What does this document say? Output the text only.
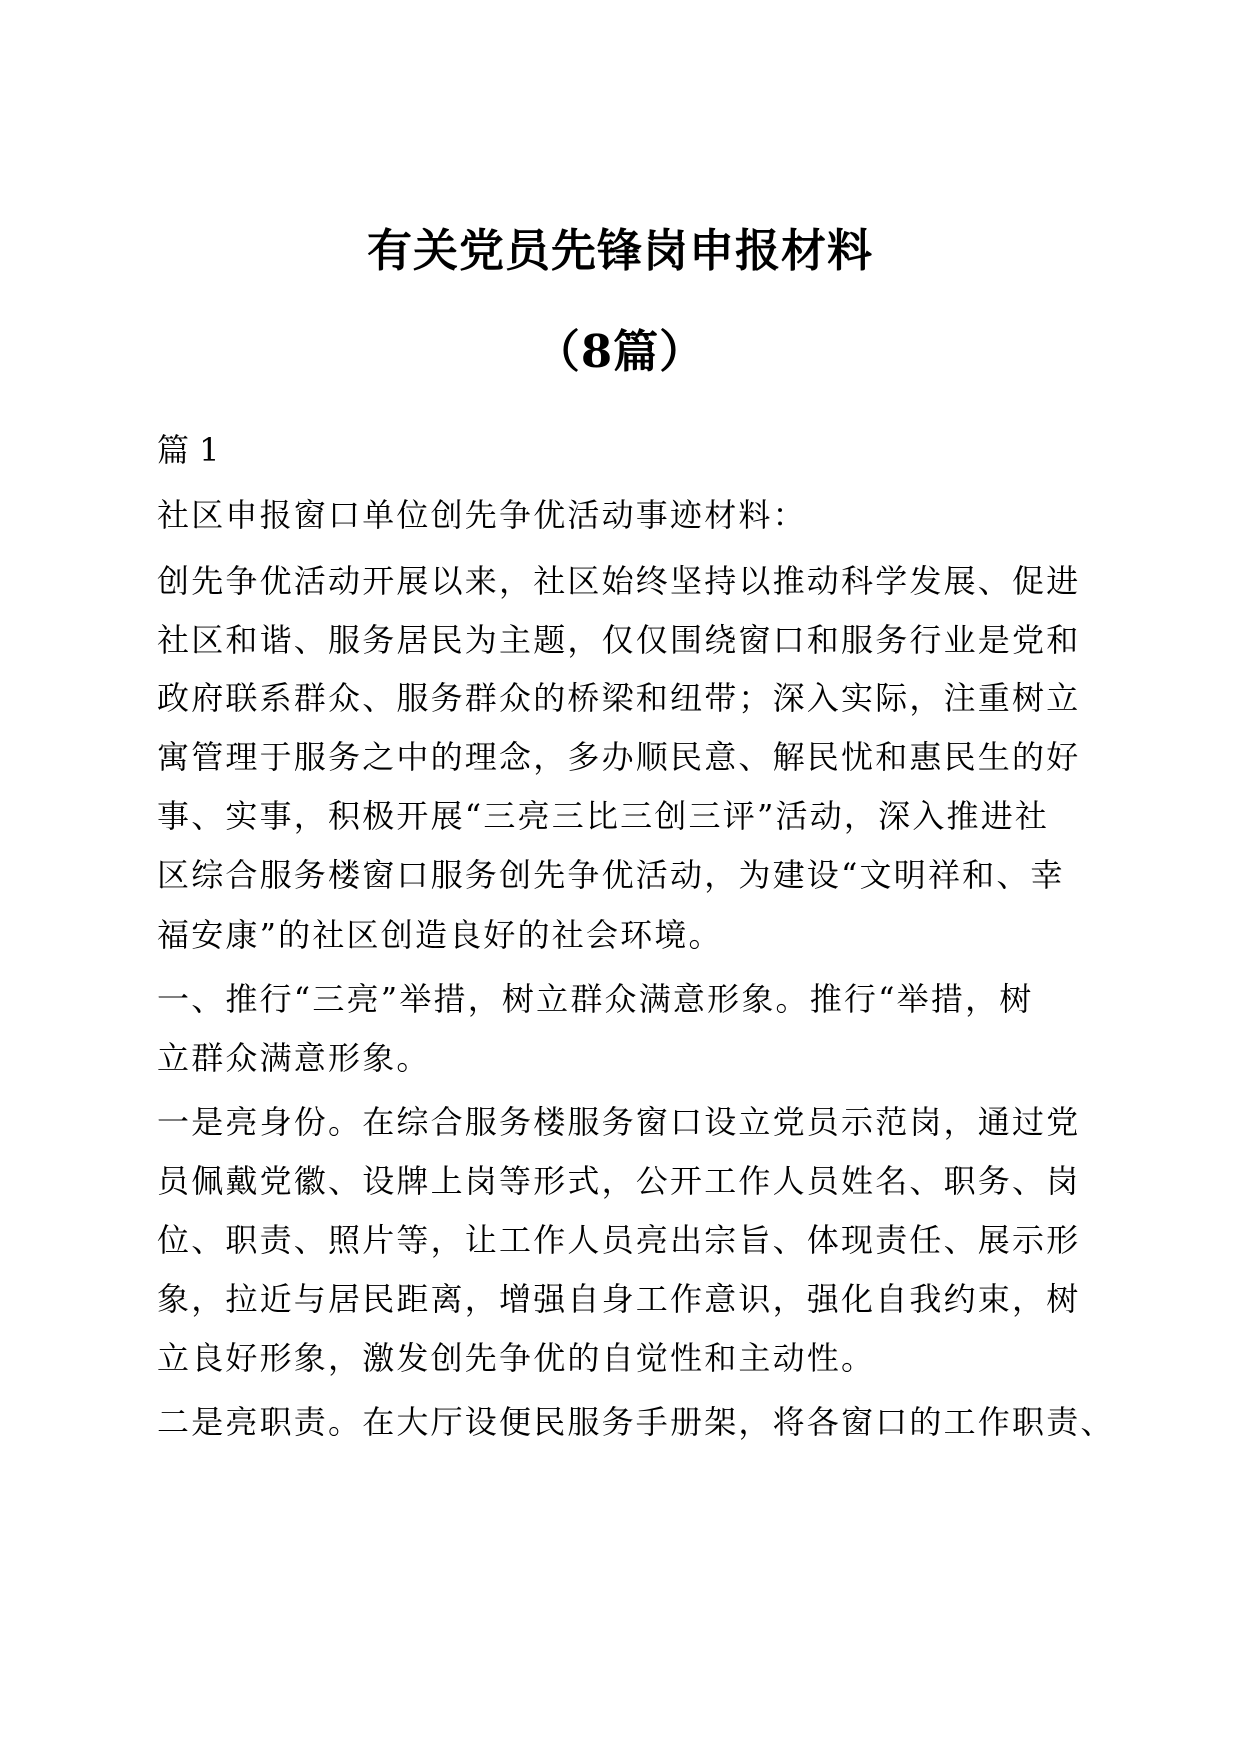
有关党员先锋岗申报材料
（8篇）
篇 1
社区申报窗口单位创先争优活动事迹材料：
创先争优活动开展以来，社区始终坚持以推动科学发展、促进
社区和谐、服务居民为主题，仅仅围绕窗口和服务行业是党和
政府联系群众、服务群众的桥梁和纽带；深入实际，注重树立
寓管理于服务之中的理念，多办顺民意、解民忧和惠民生的好
事、实事，积极开展“三亮三比三创三评”活动，深入推进社
区综合服务楼窗口服务创先争优活动，为建设“文明祥和、幸
福安康”的社区创造良好的社会环境。
一、推行“三亮”举措，树立群众满意形象。推行“举措，树
立群众满意形象。
一是亮身份。在综合服务楼服务窗口设立党员示范岗，通过党
员佩戴党徽、设牌上岗等形式，公开工作人员姓名、职务、岗
位、职责、照片等，让工作人员亮出宗旨、体现责任、展示形
象，拉近与居民距离，增强自身工作意识，强化自我约束，树
立良好形象，激发创先争优的自觉性和主动性。
二是亮职责。在大厅设便民服务手册架，将各窗口的工作职责、
